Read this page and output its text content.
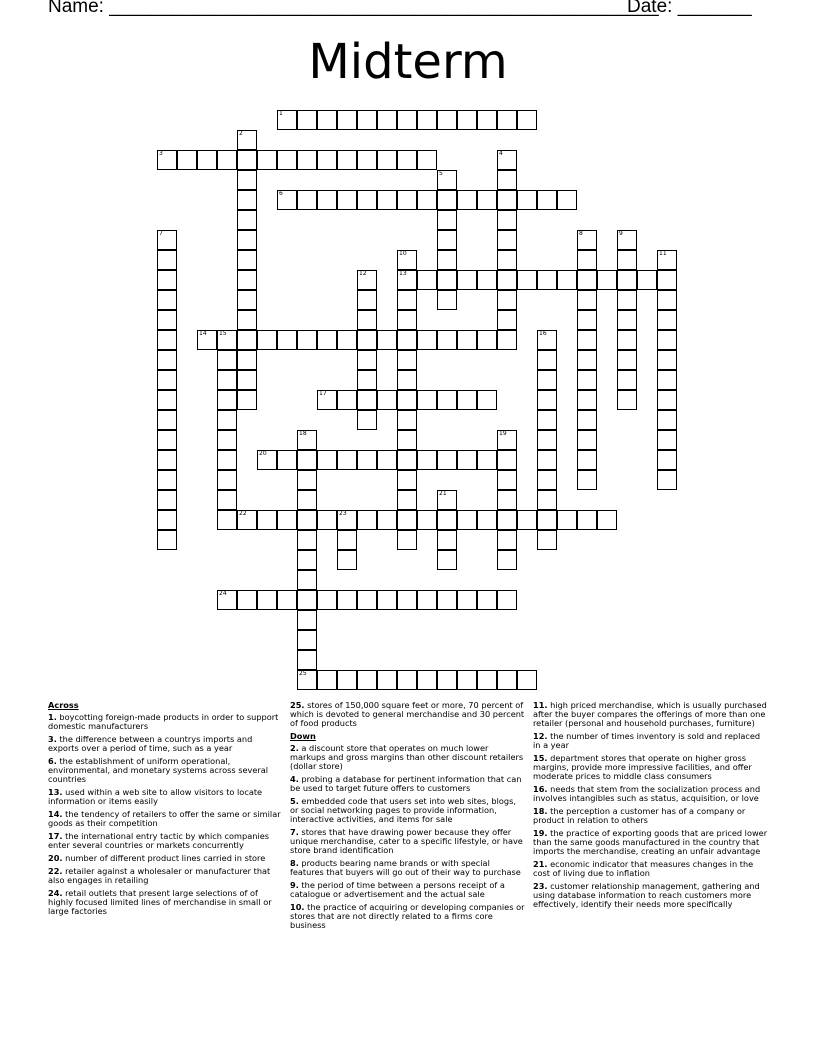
Name: ____________________________________________________
Date: _______
Midterm
1
2
3	4
5
6
7	8	9
10
13
11
12
14 15	16
17
18	19
20
21
22	23
24
25
Across
1. boycotting foreign-made products in order to support domestic manufacturers
3. the difference between a countrys imports and exports over a period of time, such as a year
6. the establishment of uniform operational, environmental, and monetary systems across several countries
13. used within a web site to allow visitors to locate information or items easily
14. the tendency of retailers to offer the same or similar goods as their competition
17. the international entry tactic by which companies enter several countries or markets concurrently
20. number of different product lines carried in store
22. retailer against a wholesaler or manufacturer that also engages in retailing
24. retail outlets that present large selections of of highly focused limited lines of merchandise in small or large factories
25. stores of 150,000 square feet or more, 70 percent of which is devoted to general merchandise and 30 percent of food products
Down
2. a discount store that operates on much lower markups and gross margins than other discount retailers (dollar store)
4. probing a database for pertinent information that can be used to target future offers to customers
5. embedded code that users set into web sites, blogs, or social networking pages to provide information, interactive activities, and items for sale
7. stores that have drawing power because they offer unique merchandise, cater to a specific lifestyle, or have store brand identification
8. products bearing name brands or with special features that buyers will go out of their way to purchase
9. the period of time between a persons receipt of a catalogue or advertisement and the actual sale
10. the practice of acquiring or developing companies or stores that are not directly related to a firms core business
11. high priced merchandise, which is usually purchased after the buyer compares the offerings of more than one retailer (personal and household purchases, furniture)
12. the number of times inventory is sold and replaced in a year
15. department stores that operate on higher gross margins, provide more impressive facilities, and offer moderate prices to middle class consumers
16. needs that stem from the socialization process and involves intangibles such as status, acquisition, or love
18. the perception a customer has of a company or product in relation to others
19. the practice of exporting goods that are priced lower than the same goods manufactured in the country that imports the merchandise, creating an unfair advantage
21. economic indicator that measures changes in the cost of living due to inflation
23. customer relationship management, gathering and using database information to reach customers more effectively, identify their needs more specifically
